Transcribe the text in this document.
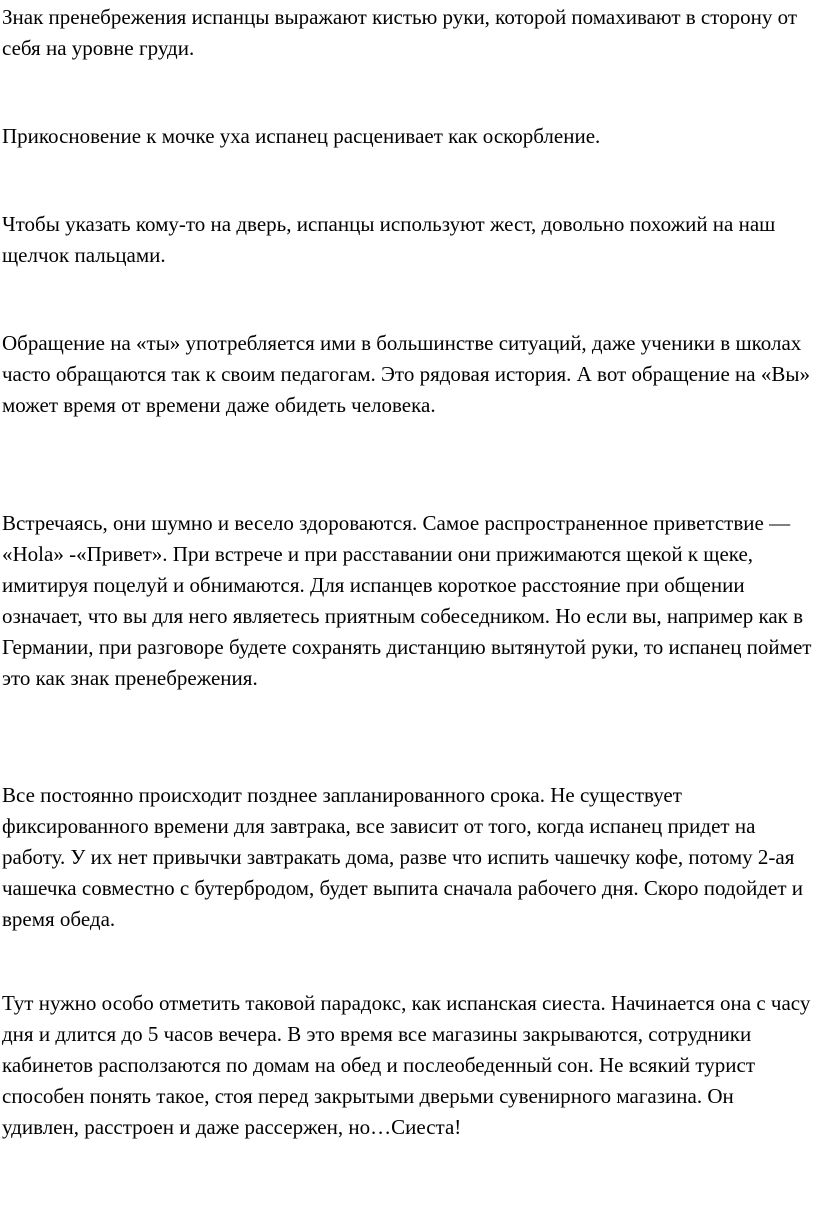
Знак пренебрежения испанцы выражают кистью руки, которой помахивают в сторону от себя на уровне груди.

Прикосновение к мочке уха испанец расценивает как оскорбление.

Чтобы указать кому-то на дверь, испанцы используют жест, довольно похожий на наш щелчок пальцами.

Обращение на «ты» употребляется ими в большинстве ситуаций, даже ученики в школах часто обращаются так к своим педагогам. Это рядовая история. А вот обращение на «Вы» может время от времени даже обидеть человека.

Встречаясь, они шумно и весело здороваются. Самое распространенное приветствие — «Hola» -«Привет». При встрече и при расставании они прижимаются щекой к щеке, имитируя поцелуй и обнимаются. Для испанцев короткое расстояние при общении означает, что вы для него являетесь приятным собеседником. Но если вы, например как в Германии, при разговоре будете сохранять дистанцию вытянутой руки, то испанец поймет это как знак пренебрежения.

Все постоянно происходит позднее запланированного срока. Не существует фиксированного времени для завтрака, все зависит от того, когда испанец придет на работу. У их нет привычки завтракать дома, разве что испить чашечку кофе, потому 2-ая чашечка совместно с бутербродом, будет выпита сначала рабочего дня. Скоро подойдет и время обеда.

Тут нужно особо отметить таковой парадокс, как испанская сиеста. Начинается она с часу дня и длится до 5 часов вечера. В это время все магазины закрываются, сотрудники кабинетов расползаются по домам на обед и послеобеденный сон. Не всякий турист способен понять такое, стоя перед закрытыми дверьми сувенирного магазина. Он удивлен, расстроен и даже рассержен, но…Сиеста!
